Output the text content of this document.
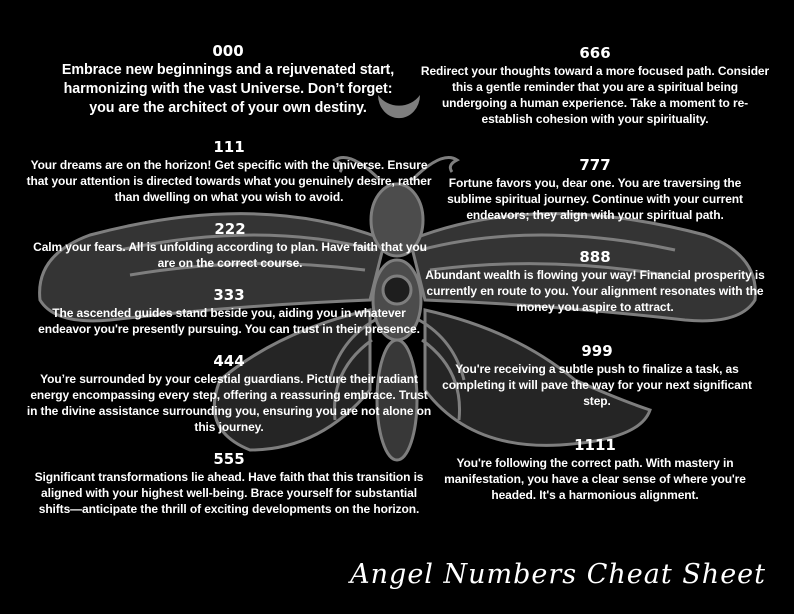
000

Embrace new beginnings and a rejuvenated start, harmonizing with the vast Universe. Don’t forget: you are the architect of your own destiny.

111

Your dreams are on the horizon! Get specific with the universe. Ensure that your attention is directed towards what you genuinely desire, rather than dwelling on what you wish to avoid.

222

Calm your fears. All is unfolding according to plan. Have faith that you are on the correct course.

333

The ascended guides stand beside you, aiding you in whatever endeavor you're presently pursuing. You can trust in their presence.

444

You’re surrounded by your celestial guardians. Picture their radiant energy encompassing every step, offering a reassuring embrace. Trust in the divine assistance surrounding you, ensuring you are not alone on this journey.

555

Significant transformations lie ahead. Have faith that this transition is aligned with your highest well-being. Brace yourself for substantial shifts—anticipate the thrill of exciting developments on the horizon.

666

Redirect your thoughts toward a more focused path. Consider this a gentle reminder that you are a spiritual being undergoing a human experience. Take a moment to re-establish cohesion with your spirituality.

777

Fortune favors you, dear one. You are traversing the sublime spiritual journey. Continue with your current endeavors; they align with your spiritual path.

888

Abundant wealth is flowing your way! Financial prosperity is currently en route to you. Your alignment resonates with the money you aspire to attract.

999

You're receiving a subtle push to finalize a task, as completing it will pave the way for your next significant step.

1111

You're following the correct path. With mastery in manifestation, you have a clear sense of where you're headed. It's a harmonious alignment.

Angel Numbers Cheat Sheet
